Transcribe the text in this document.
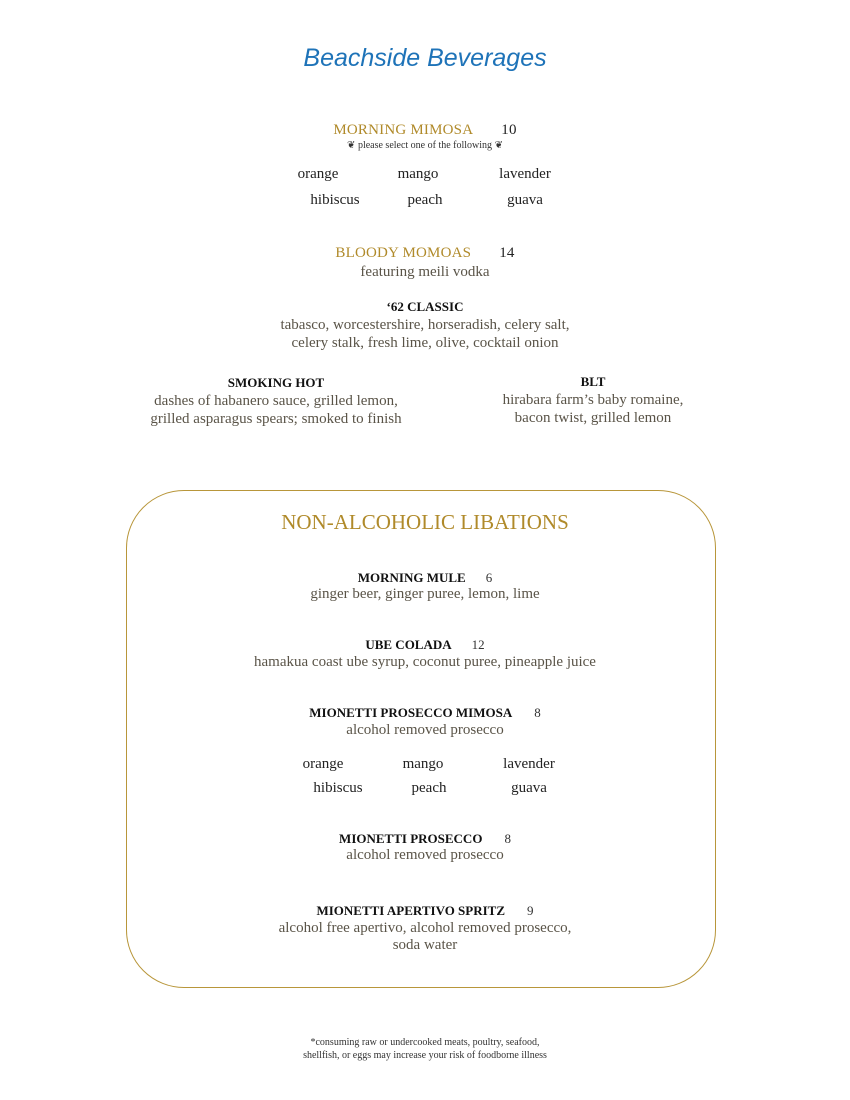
Beachside Beverages
MORNING MIMOSA 10
❦ please select one of the following ❦
orange	mango	lavender
hibiscus	peach	guava
BLOODY MOMOAS 14
featuring meili vodka
‘62 CLASSIC
tabasco, worcestershire, horseradish, celery salt,
celery stalk, fresh lime, olive, cocktail onion
SMOKING HOT
dashes of habanero sauce, grilled lemon,
grilled asparagus spears; smoked to finish
BLT
hirabara farm’s baby romaine,
bacon twist, grilled lemon
NON-ALCOHOLIC LIBATIONS
MORNING MULE 6
ginger beer, ginger puree, lemon, lime
UBE COLADA 12
hamakua coast ube syrup, coconut puree, pineapple juice
MIONETTI PROSECCO MIMOSA 8
alcohol removed prosecco
orange	mango	lavender
hibiscus	peach	guava
MIONETTI PROSECCO 8
alcohol removed prosecco
MIONETTI APERTIVO SPRITZ 9
alcohol free apertivo, alcohol removed prosecco,
soda water
*consuming raw or undercooked meats, poultry, seafood,
shellfish, or eggs may increase your risk of foodborne illness
